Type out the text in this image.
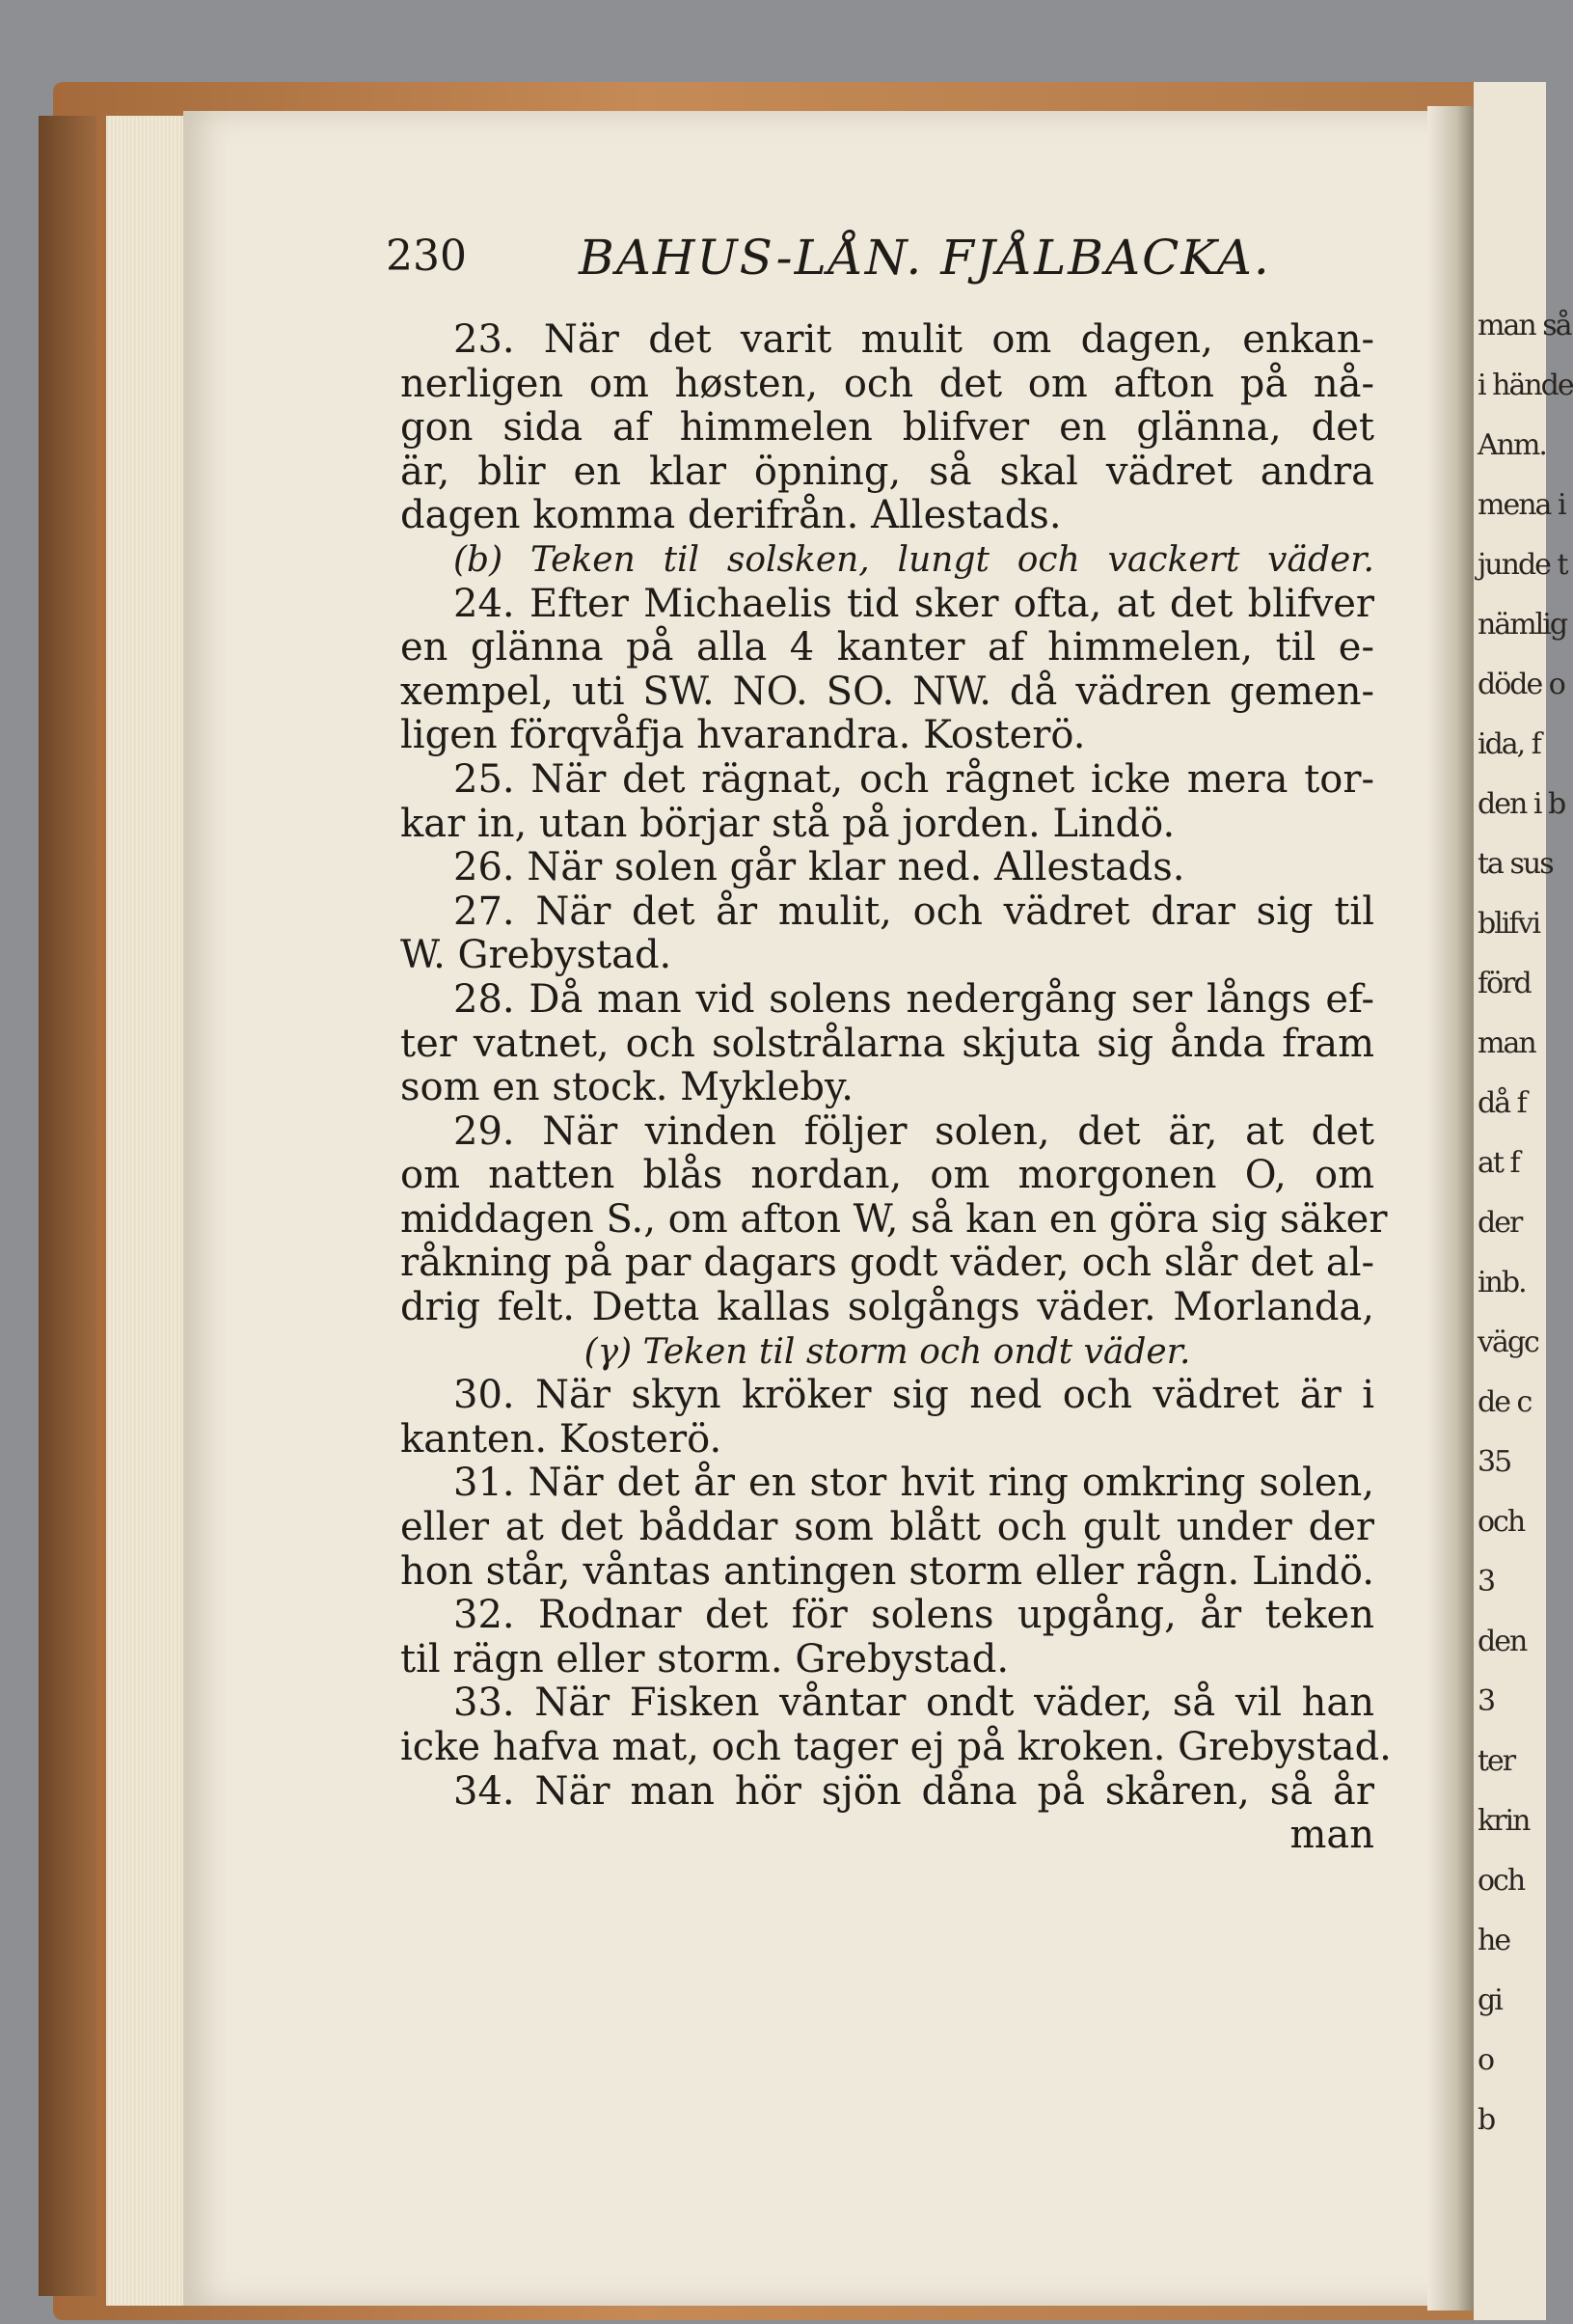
man så
i hände
Anm.
mena i
junde t
nämlig
döde o
ida, f
den i b
ta sus
blifvi
förd
man
då f
at f
der
inb.
vägc
de c
35
och
3
den
3
ter
krin
och
he
gi
o
b
230 BAHUS-LÅN. FJÅLBACKA.
23. När det varit mulit om dagen, enkan-
nerligen om høsten, och det om afton på nå-
gon sida af himmelen blifver en glänna, det
är, blir en klar öpning, så skal vädret andra
dagen komma derifrån. Allestads.
(b) Teken til solsken, lungt och vackert väder.
24. Efter Michaelis tid sker ofta, at det blifver
en glänna på alla 4 kanter af himmelen, til e-
xempel, uti SW. NO. SO. NW. då vädren gemen-
ligen förqvåfja hvarandra. Kosterö.
25. När det rägnat, och rågnet icke mera tor-
kar in, utan börjar stå på jorden. Lindö.
26. När solen går klar ned. Allestads.
27. När det år mulit, och vädret drar sig til
W. Grebystad.
28. Då man vid solens nedergång ser långs ef-
ter vatnet, och solstrålarna skjuta sig ånda fram
som en stock. Mykleby.
29. När vinden följer solen, det är, at det
om natten blås nordan, om morgonen O, om
middagen S., om afton W, så kan en göra sig säker
råkning på par dagars godt väder, och slår det al-
drig felt. Detta kallas solgångs väder. Morlanda,
(γ) Teken til storm och ondt väder.
30. När skyn kröker sig ned och vädret är i
kanten. Kosterö.
31. När det år en stor hvit ring omkring solen,
eller at det båddar som blått och gult under der
hon står, våntas antingen storm eller rågn. Lindö.
32. Rodnar det för solens upgång, år teken
til rägn eller storm. Grebystad.
33. När Fisken våntar ondt väder, så vil han
icke hafva mat, och tager ej på kroken. Grebystad.
34. När man hör sjön dåna på skåren, så år
man
